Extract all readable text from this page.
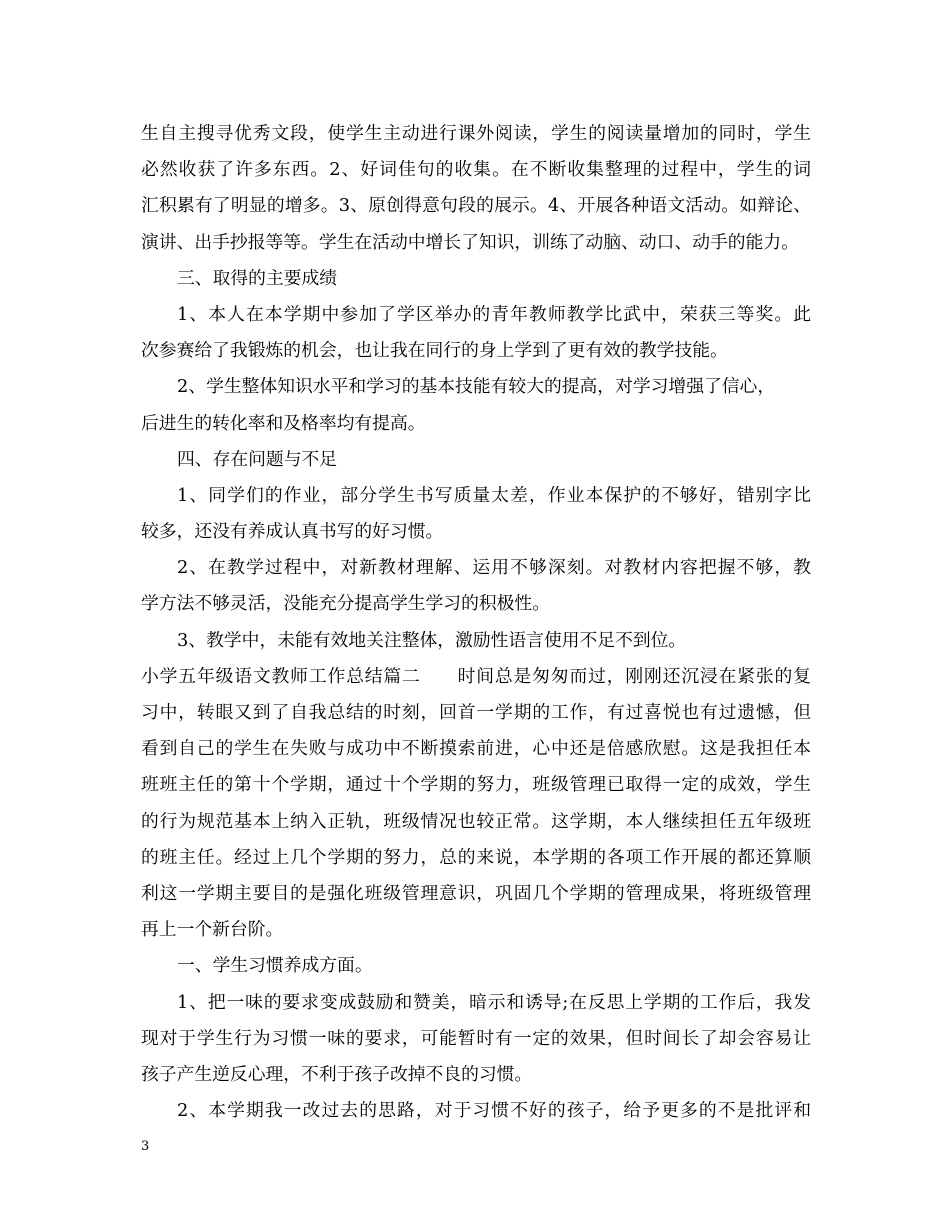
生自主搜寻优秀文段，使学生主动进行课外阅读，学生的阅读量增加的同时，学生
必然收获了许多东西。2、好词佳句的收集。在不断收集整理的过程中，学生的词
汇积累有了明显的增多。3、原创得意句段的展示。4、开展各种语文活动。如辩论、
演讲、出手抄报等等。学生在活动中增长了知识，训练了动脑、动口、动手的能力。
三、取得的主要成绩
1、本人在本学期中参加了学区举办的青年教师教学比武中，荣获三等奖。此
次参赛给了我锻炼的机会，也让我在同行的身上学到了更有效的教学技能。
2、学生整体知识水平和学习的基本技能有较大的提高，对学习增强了信心，
后进生的转化率和及格率均有提高。
四、存在问题与不足
1、同学们的作业，部分学生书写质量太差，作业本保护的不够好，错别字比
较多，还没有养成认真书写的好习惯。
2、在教学过程中，对新教材理解、运用不够深刻。对教材内容把握不够，教
学方法不够灵活，没能充分提高学生学习的积极性。
3、教学中，未能有效地关注整体，激励性语言使用不足不到位。
小学五年级语文教师工作总结篇二 时间总是匆匆而过，刚刚还沉浸在紧张的复
习中，转眼又到了自我总结的时刻，回首一学期的工作，有过喜悦也有过遗憾，但
看到自己的学生在失败与成功中不断摸索前进，心中还是倍感欣慰。这是我担任本
班班主任的第十个学期，通过十个学期的努力，班级管理已取得一定的成效，学生
的行为规范基本上纳入正轨，班级情况也较正常。这学期，本人继续担任五年级班
的班主任。经过上几个学期的努力，总的来说，本学期的各项工作开展的都还算顺
利这一学期主要目的是强化班级管理意识，巩固几个学期的管理成果，将班级管理
再上一个新台阶。
一、学生习惯养成方面。
1、把一味的要求变成鼓励和赞美，暗示和诱导;在反思上学期的工作后，我发
现对于学生行为习惯一味的要求，可能暂时有一定的效果，但时间长了却会容易让
孩子产生逆反心理，不利于孩子改掉不良的习惯。
2、本学期我一改过去的思路，对于习惯不好的孩子，给予更多的不是批评和
3
